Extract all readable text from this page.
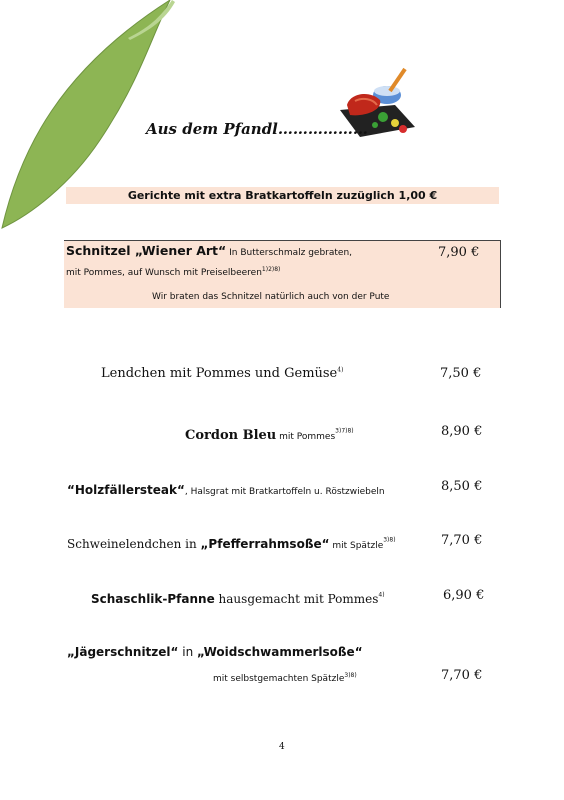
Aus dem Pfandl………………
Gerichte mit extra Bratkartoffeln zuzüglich 1,00 €
Schnitzel „Wiener Art“ In Butterschmalz gebraten,
mit Pommes, auf Wunsch mit Preiselbeeren$^{1)2)8)}$
Wir braten das Schnitzel natürlich auch von der Pute
7,90 €
Lendchen mit Pommes und Gemüse$^{4)}$	7,50 €
Cordon Bleu mit Pommes$^{3)7)8)}$	8,90 €
“Holzfällersteak“, Halsgrat mit Bratkartoffeln u. Röstzwiebeln	8,50 €
Schweinelendchen in „Pfefferrahmsoße“ mit Spätzle$^{3)8)}$	7,70 €
Schaschlik-Pfanne hausgemacht mit Pommes$^{4)}$	6,90 €
„Jägerschnitzel“ in „Woidschwammerlsoße“
mit selbstgemachten Spätzle$^{3)8)}$	7,70 €
4
